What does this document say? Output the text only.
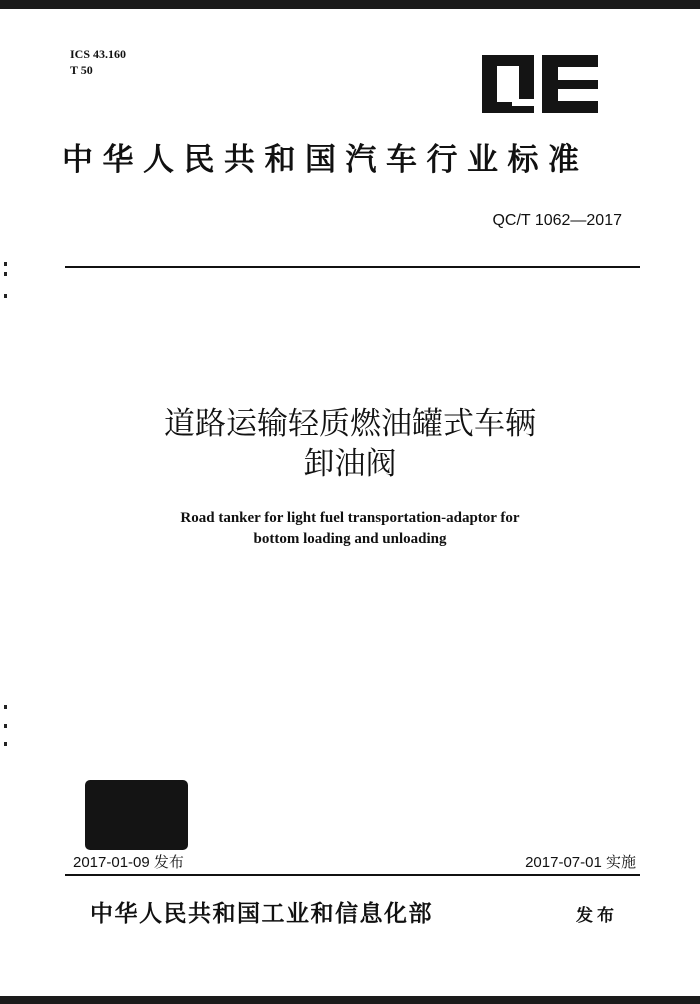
ICS 43.160
T 50
中华人民共和国汽车行业标准
QC/T 1062—2017
道路运输轻质燃油罐式车辆
卸油阀
Road tanker for light fuel transportation-adaptor for
bottom loading and unloading
2017-01-09 发布	2017-07-01 实施
中华人民共和国工业和信息化部	发布
